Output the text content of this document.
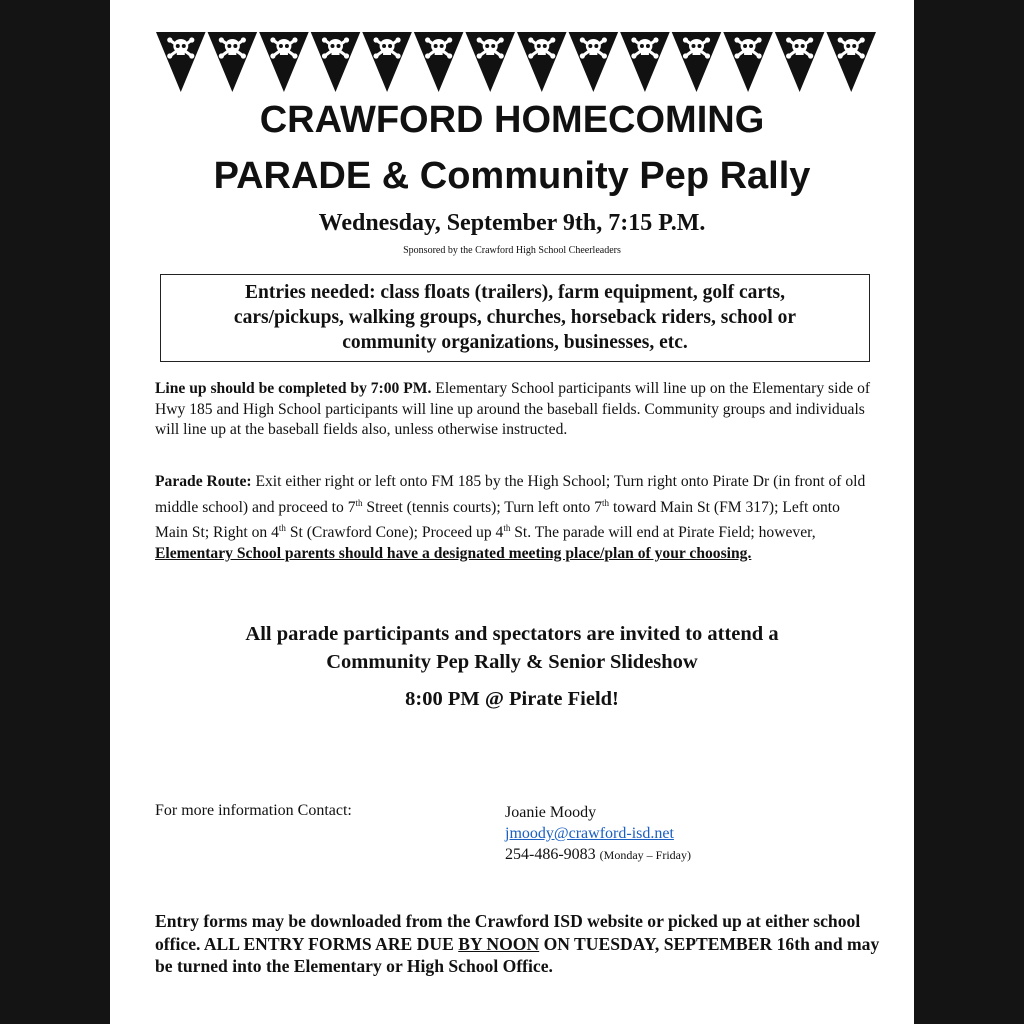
CRAWFORD HOMECOMING
PARADE & Community Pep Rally
Wednesday, September 9th, 7:15 P.M.
Sponsored by the Crawford High School Cheerleaders
Entries needed: class floats (trailers), farm equipment, golf carts,
cars/pickups, walking groups, churches, horseback riders, school or
community organizations, businesses, etc.
Line up should be completed by 7:00 PM. Elementary School participants will line up on the Elementary side of Hwy 185 and High School participants will line up around the baseball fields. Community groups and individuals will line up at the baseball fields also, unless otherwise instructed.
Parade Route: Exit either right or left onto FM 185 by the High School; Turn right onto Pirate Dr (in front of old middle school) and proceed to 7th Street (tennis courts); Turn left onto 7th toward Main St (FM 317); Left onto Main St; Right on 4th St (Crawford Cone); Proceed up 4th St. The parade will end at Pirate Field; however, Elementary School parents should have a designated meeting place/plan of your choosing.
All parade participants and spectators are invited to attend a
Community Pep Rally & Senior Slideshow
8:00 PM @ Pirate Field!
For more information Contact:	Joanie Moody
jmoody@crawford-isd.net
254-486-9083 (Monday – Friday)
Entry forms may be downloaded from the Crawford ISD website or picked up at either school office. ALL ENTRY FORMS ARE DUE BY NOON ON TUESDAY, SEPTEMBER 16th and may be turned into the Elementary or High School Office.
